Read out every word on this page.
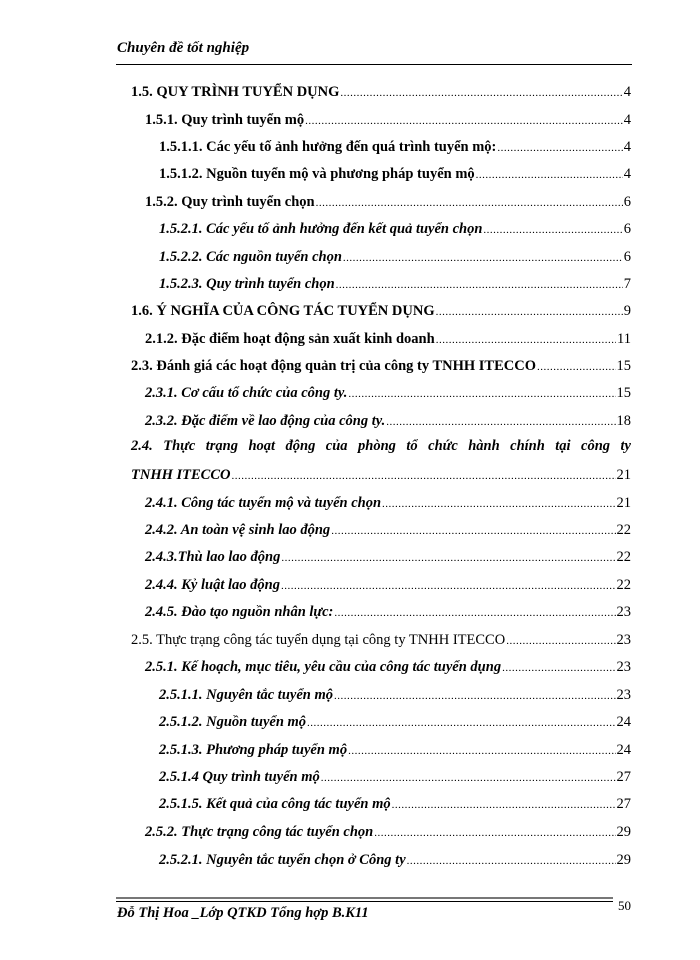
Chuyên đề tốt nghiệp
1.5. QUY TRÌNH TUYỂN DỤNG .....	4
1.5.1. Quy trình tuyển mộ .....	4
1.5.1.1. Các yếu tố ảnh hưởng đến quá trình tuyển mộ: .....	4
1.5.1.2. Nguồn tuyển mộ và phương pháp tuyển mộ .....	4
1.5.2. Quy trình tuyển chọn .....	6
1.5.2.1. Các yếu tố ảnh hưởng đến kết quả tuyển chọn .....	6
1.5.2.2. Các nguồn tuyển chọn .....	6
1.5.2.3. Quy trình tuyển chọn .....	7
1.6. Ý NGHĨA CỦA CÔNG TÁC TUYỂN DỤNG .....	9
2.1.2. Đặc điểm hoạt động sản xuất kinh doanh .....	11
2.3. Đánh giá các hoạt động quản trị của công ty TNHH ITECCO .....	15
2.3.1. Cơ cấu tổ chức của công ty. .....	15
2.3.2. Đặc điểm về lao động của công ty. .....	18
2.4. Thực trạng hoạt động của phòng tổ chức hành chính tại công ty
TNHH ITECCO .....	21
2.4.1. Công tác tuyển mộ và tuyển chọn .....	21
2.4.2. An toàn vệ sinh lao động .....	22
2.4.3.Thù lao lao động .....	22
2.4.4. Kỷ luật lao động .....	22
2.4.5. Đào tạo nguồn nhân lực: .....	23
2.5. Thực trạng công tác tuyển dụng tại công ty TNHH ITECCO .....	23
2.5.1. Kế hoạch, mục tiêu, yêu cầu của công tác tuyển dụng .....	23
2.5.1.1. Nguyên tắc tuyển mộ .....	23
2.5.1.2. Nguồn tuyển mộ .....	24
2.5.1.3. Phương pháp tuyển mộ .....	24
2.5.1.4 Quy trình tuyển mộ .....	27
2.5.1.5. Kết quả của công tác tuyển mộ .....	27
2.5.2. Thực trạng công tác tuyển chọn .....	29
2.5.2.1. Nguyên tắc tuyển chọn ở Công ty .....	29
Đỗ Thị Hoa _Lớp QTKD Tổng hợp B.K11	50
